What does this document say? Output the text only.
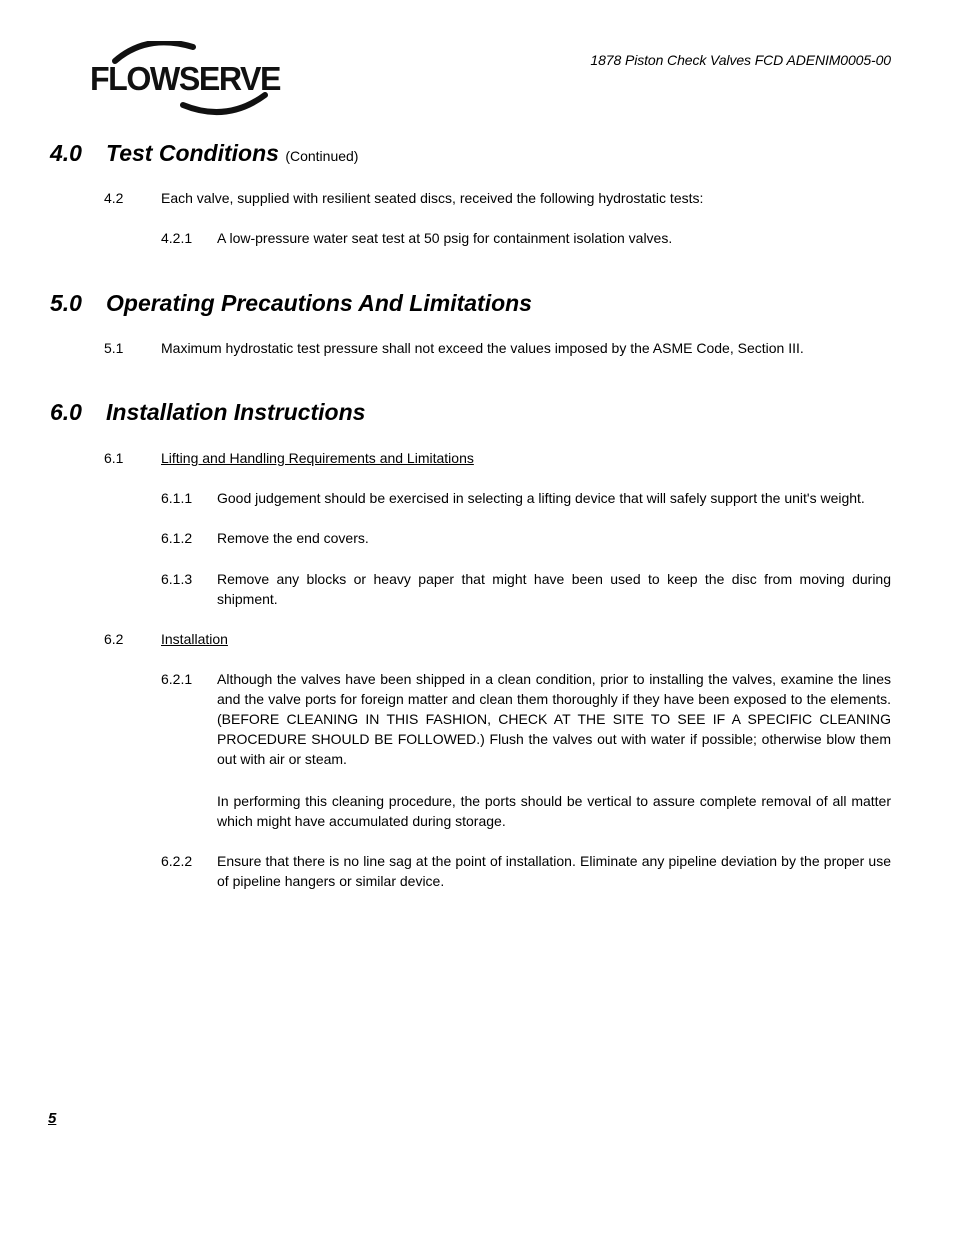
FLOWSERVE	1878 Piston Check Valves FCD ADENIM0005-00
4.0 Test Conditions (Continued)
4.2	Each valve, supplied with resilient seated discs, received the following hydrostatic tests:
4.2.1 A low-pressure water seat test at 50 psig for containment isolation valves.
5.0 Operating Precautions And Limitations
5.1	Maximum hydrostatic test pressure shall not exceed the values imposed by the ASME Code, Section III.
6.0 Installation Instructions
6.1	Lifting and Handling Requirements and Limitations
6.1.1 Good judgement should be exercised in selecting a lifting device that will safely support the unit's weight.
6.1.2 Remove the end covers.
6.1.3 Remove any blocks or heavy paper that might have been used to keep the disc from moving during shipment.
6.2	Installation
6.2.1 Although the valves have been shipped in a clean condition, prior to installing the valves, examine the lines and the valve ports for foreign matter and clean them thoroughly if they have been exposed to the elements. (BEFORE CLEANING IN THIS FASHION, CHECK AT THE SITE TO SEE IF A SPECIFIC CLEANING PROCEDURE SHOULD BE FOLLOWED.) Flush the valves out with water if possible; otherwise blow them out with air or steam.
In performing this cleaning procedure, the ports should be vertical to assure complete removal of all matter which might have accumulated during storage.
6.2.2 Ensure that there is no line sag at the point of installation. Eliminate any pipeline deviation by the proper use of pipeline hangers or similar device.
5
